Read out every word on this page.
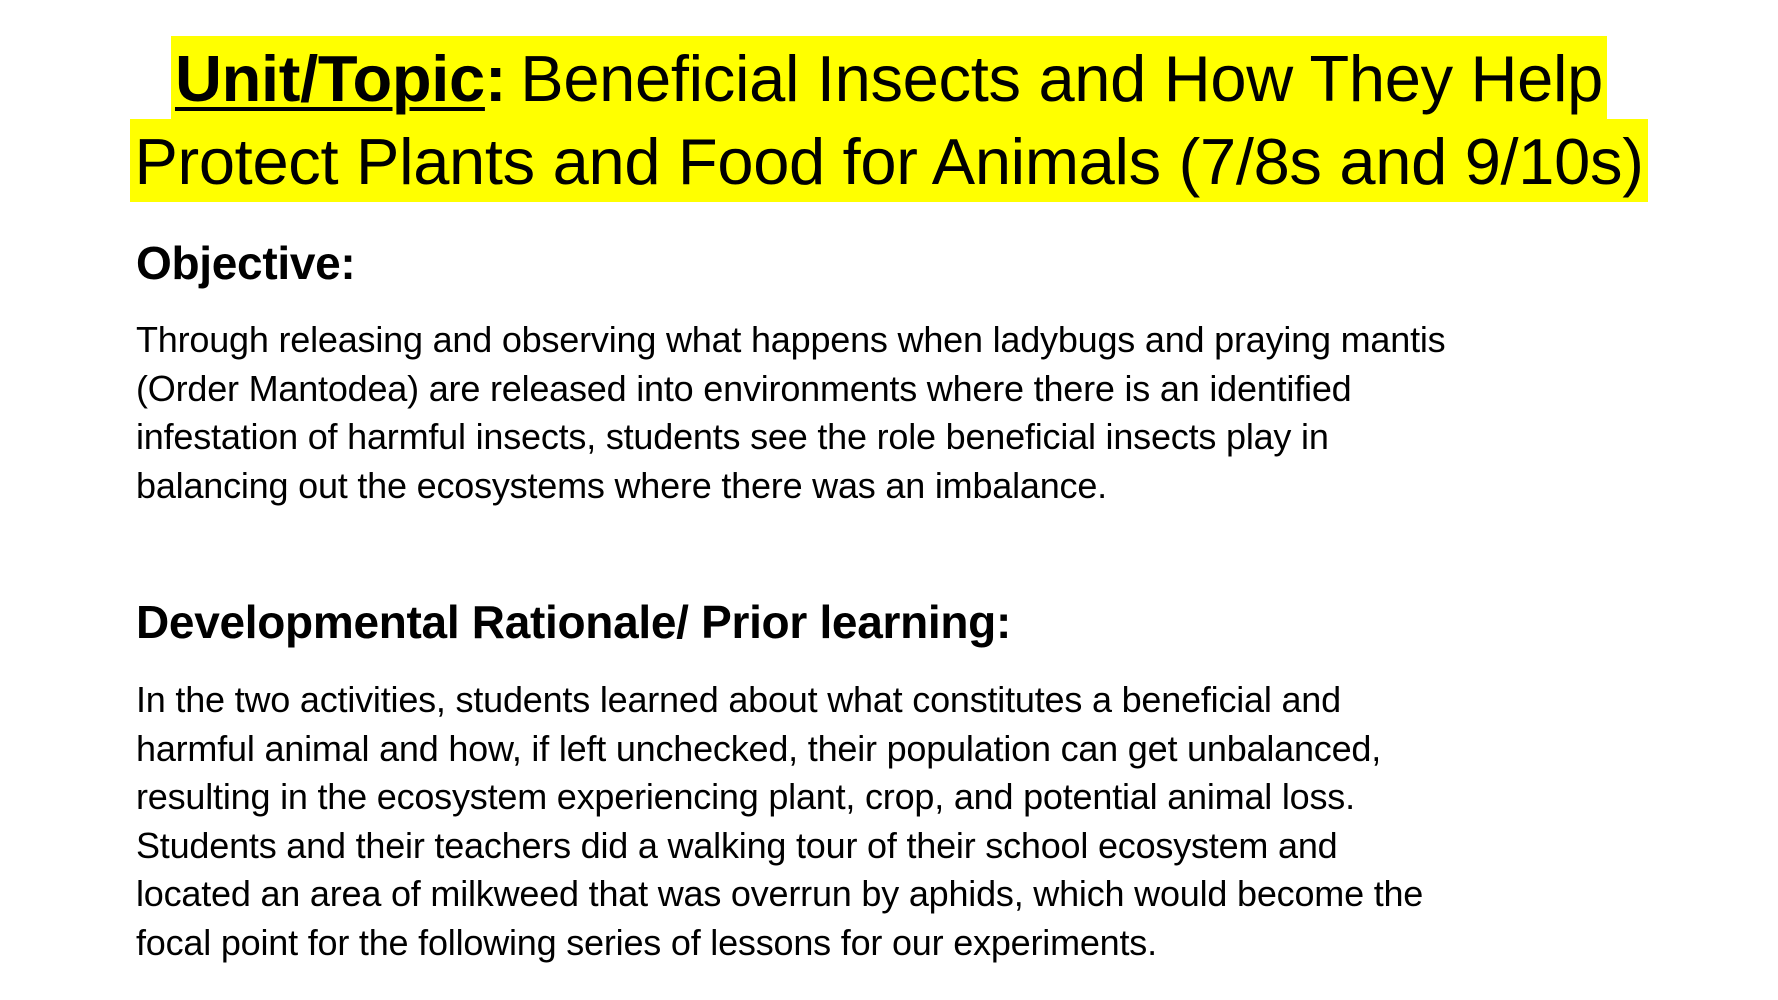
Unit/Topic: Beneficial Insects and How They Help
Protect Plants and Food for Animals (7/8s and 9/10s)
Objective:
Through releasing and observing what happens when ladybugs and praying mantis
(Order Mantodea) are released into environments where there is an identified
infestation of harmful insects, students see the role beneficial insects play in
balancing out the ecosystems where there was an imbalance.
Developmental Rationale/ Prior learning:
In the two activities, students learned about what constitutes a beneficial and
harmful animal and how, if left unchecked, their population can get unbalanced,
resulting in the ecosystem experiencing plant, crop, and potential animal loss.
Students and their teachers did a walking tour of their school ecosystem and
located an area of milkweed that was overrun by aphids, which would become the
focal point for the following series of lessons for our experiments.
